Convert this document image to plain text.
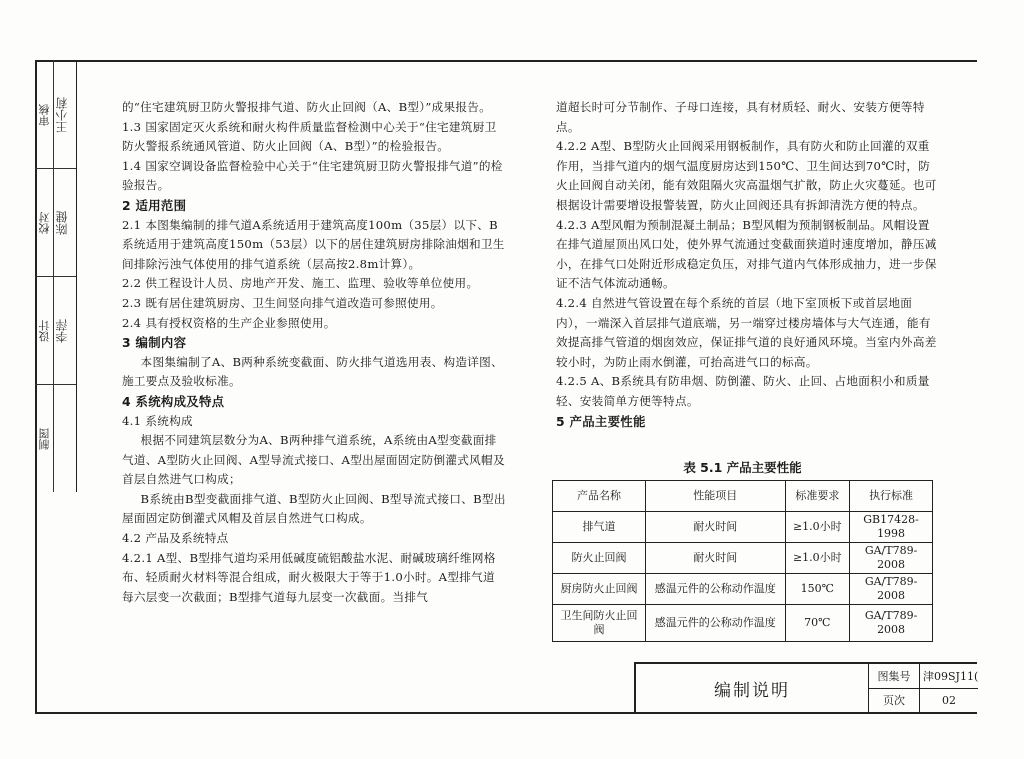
审核 王小莉
校对 陈健
设计 李萍
制图

的“住宅建筑厨卫防火警报排气道、防火止回阀（A、B型）”成果报告。

1.3 国家固定灭火系统和耐火构件质量监督检测中心关于“住宅建筑厨卫防火警报系统通风管道、防火止回阀（A、B型）”的检验报告。

1.4 国家空调设备监督检验中心关于“住宅建筑厨卫防火警报排气道”的检验报告。

2 适用范围

2.1 本图集编制的排气道A系统适用于建筑高度100m（35层）以下、B系统适用于建筑高度150m（53层）以下的居住建筑厨房排除油烟和卫生间排除污浊气体使用的排气道系统（层高按2.8m计算）。

2.2 供工程设计人员、房地产开发、施工、监理、验收等单位使用。

2.3 既有居住建筑厨房、卫生间竖向排气道改造可参照使用。

2.4 具有授权资格的生产企业参照使用。

3 编制内容

本图集编制了A、B两种系统变截面、防火排气道选用表、构造详图、施工要点及验收标准。

4 系统构成及特点

4.1 系统构成

根据不同建筑层数分为A、B两种排气道系统，A系统由A型变截面排气道、A型防火止回阀、A型导流式接口、A型出屋面固定防倒灌式风帽及首层自然进气口构成；

B系统由B型变截面排气道、B型防火止回阀、B型导流式接口、B型出屋面固定防倒灌式风帽及首层自然进气口构成。

4.2 产品及系统特点

4.2.1 A型、B型排气道均采用低碱度硫铝酸盐水泥、耐碱玻璃纤维网格布、轻质耐火材料等混合组成，耐火极限大于等于1.0小时。A型排气道每六层变一次截面；B型排气道每九层变一次截面。当排气

道超长时可分节制作、子母口连接，具有材质轻、耐火、安装方便等特点。

4.2.2 A型、B型防火止回阀采用钢板制作，具有防火和防止回灌的双重作用，当排气道内的烟气温度厨房达到150℃、卫生间达到70℃时，防火止回阀自动关闭，能有效阻隔火灾高温烟气扩散，防止火灾蔓延。也可根据设计需要增设报警装置，防火止回阀还具有拆卸清洗方便的特点。

4.2.3 A型风帽为预制混凝土制品；B型风帽为预制钢板制品。风帽设置在排气道屋顶出风口处，使外界气流通过变截面狭道时速度增加，静压减小，在排气口处附近形成稳定负压，对排气道内气体形成抽力，进一步保证不洁气体流动通畅。

4.2.4 自然进气管设置在每个系统的首层（地下室顶板下或首层地面内），一端深入首层排气道底端，另一端穿过楼房墙体与大气连通，能有效提高排气管道的烟囱效应，保证排气道的良好通风环境。当室内外高差较小时，为防止雨水倒灌，可抬高进气口的标高。

4.2.5 A、B系统具有防串烟、防倒灌、防火、止回、占地面积小和质量轻、安装简单方便等特点。

5 产品主要性能

表 5.1 产品主要性能
产品名称	性能项目	标准要求	执行标准
排气道	耐火时间	≥1.0小时	GB17428-1998
防火止回阀	耐火时间	≥1.0小时	GA/T789-2008
厨房防火止回阀	感温元件的公称动作温度	150℃	GA/T789-2008
卫生间防火止回阀	感温元件的公称动作温度	70℃	GA/T789-2008
编制说明
图集号	津09SJ11(
页次	02
